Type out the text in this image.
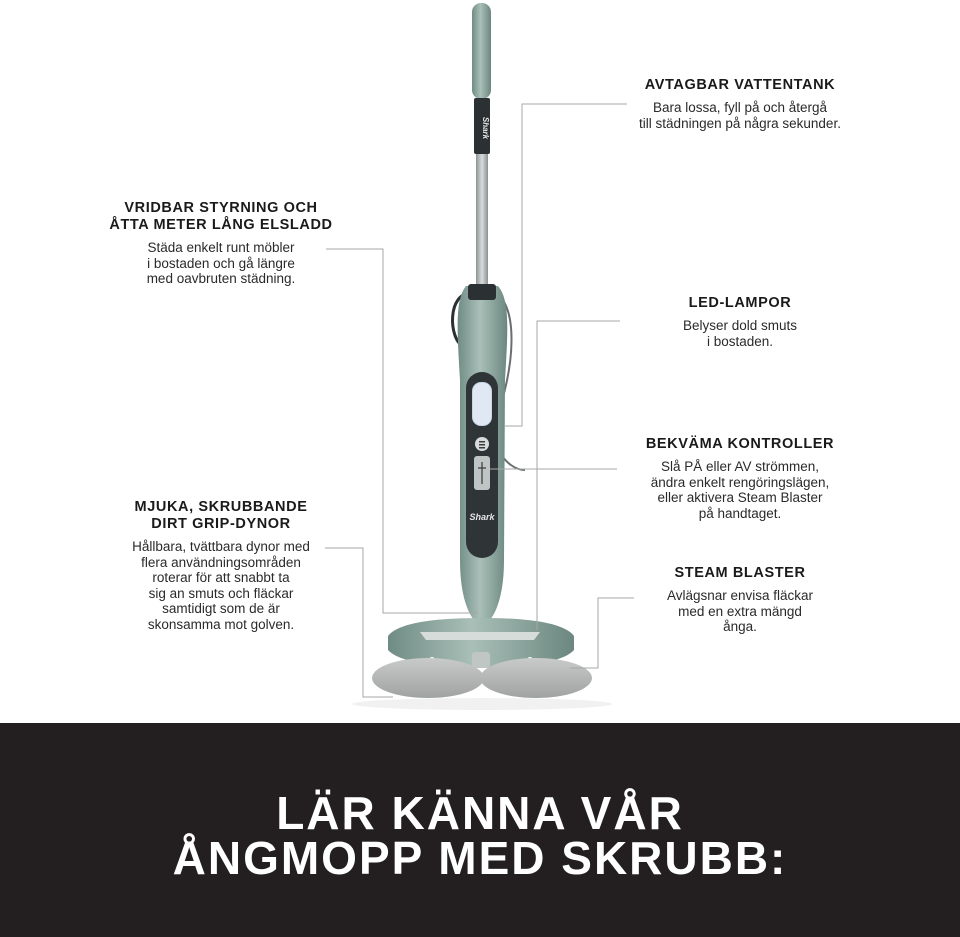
Shark
Shark
AVTAGBAR VATTENTANK

Bara lossa, fyll på och återgå
till städningen på några sekunder.

VRIDBAR STYRNING OCH
ÅTTA METER LÅNG ELSLADD

Städa enkelt runt möbler
i bostaden och gå längre
med oavbruten städning.

LED-LAMPOR

Belyser dold smuts
i bostaden.

BEKVÄMA KONTROLLER

Slå PÅ eller AV strömmen,
ändra enkelt rengöringslägen,
eller aktivera Steam Blaster
på handtaget.

MJUKA, SKRUBBANDE
DIRT GRIP-DYNOR

Hållbara, tvättbara dynor med
flera användningsområden
roterar för att snabbt ta
sig an smuts och fläckar
samtidigt som de är
skonsamma mot golven.

STEAM BLASTER

Avlägsnar envisa fläckar
med en extra mängd
ånga.

LÄR KÄNNA VÅR
ÅNGMOPP MED SKRUBB:
